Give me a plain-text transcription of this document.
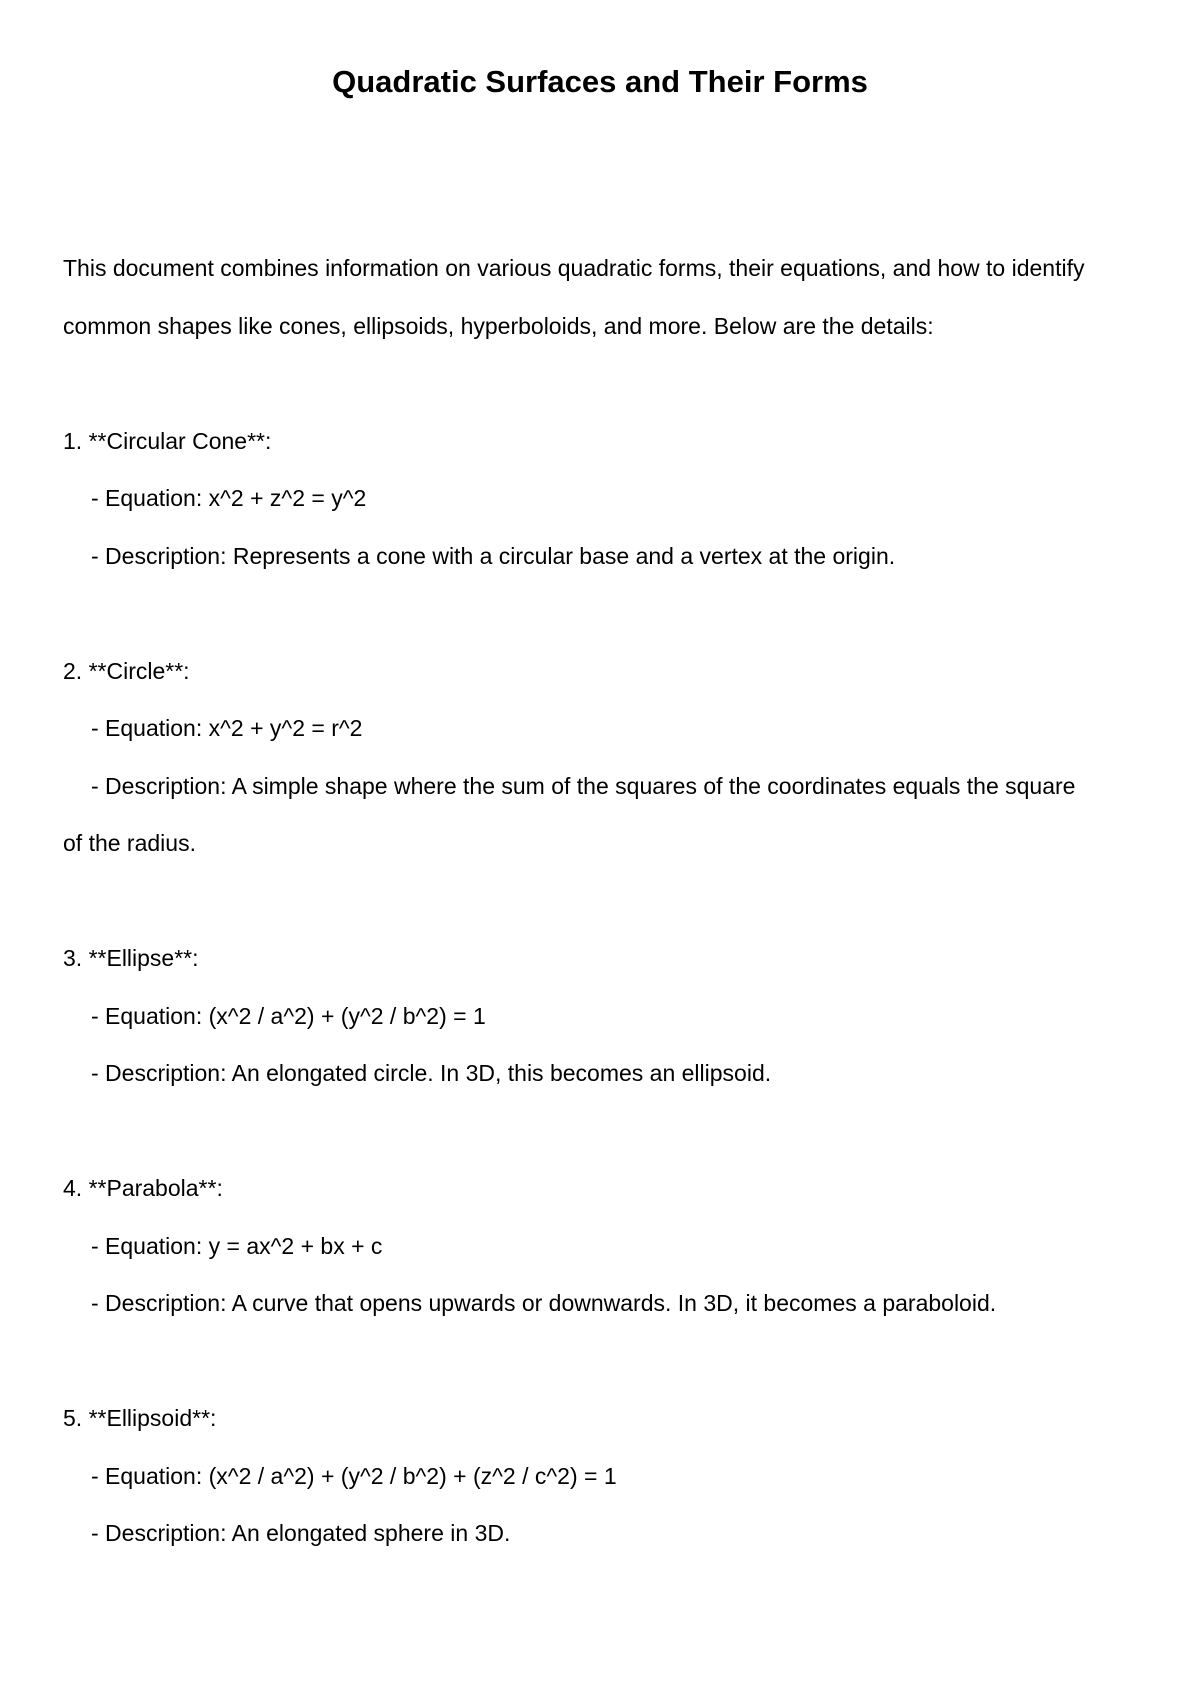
Quadratic Surfaces and Their Forms
This document combines information on various quadratic forms, their equations, and how to identify
common shapes like cones, ellipsoids, hyperboloids, and more. Below are the details:
1. **Circular Cone**:
- Equation: x^2 + z^2 = y^2
- Description: Represents a cone with a circular base and a vertex at the origin.
2. **Circle**:
- Equation: x^2 + y^2 = r^2
- Description: A simple shape where the sum of the squares of the coordinates equals the square
of the radius.
3. **Ellipse**:
- Equation: (x^2 / a^2) + (y^2 / b^2) = 1
- Description: An elongated circle. In 3D, this becomes an ellipsoid.
4. **Parabola**:
- Equation: y = ax^2 + bx + c
- Description: A curve that opens upwards or downwards. In 3D, it becomes a paraboloid.
5. **Ellipsoid**:
- Equation: (x^2 / a^2) + (y^2 / b^2) + (z^2 / c^2) = 1
- Description: An elongated sphere in 3D.
